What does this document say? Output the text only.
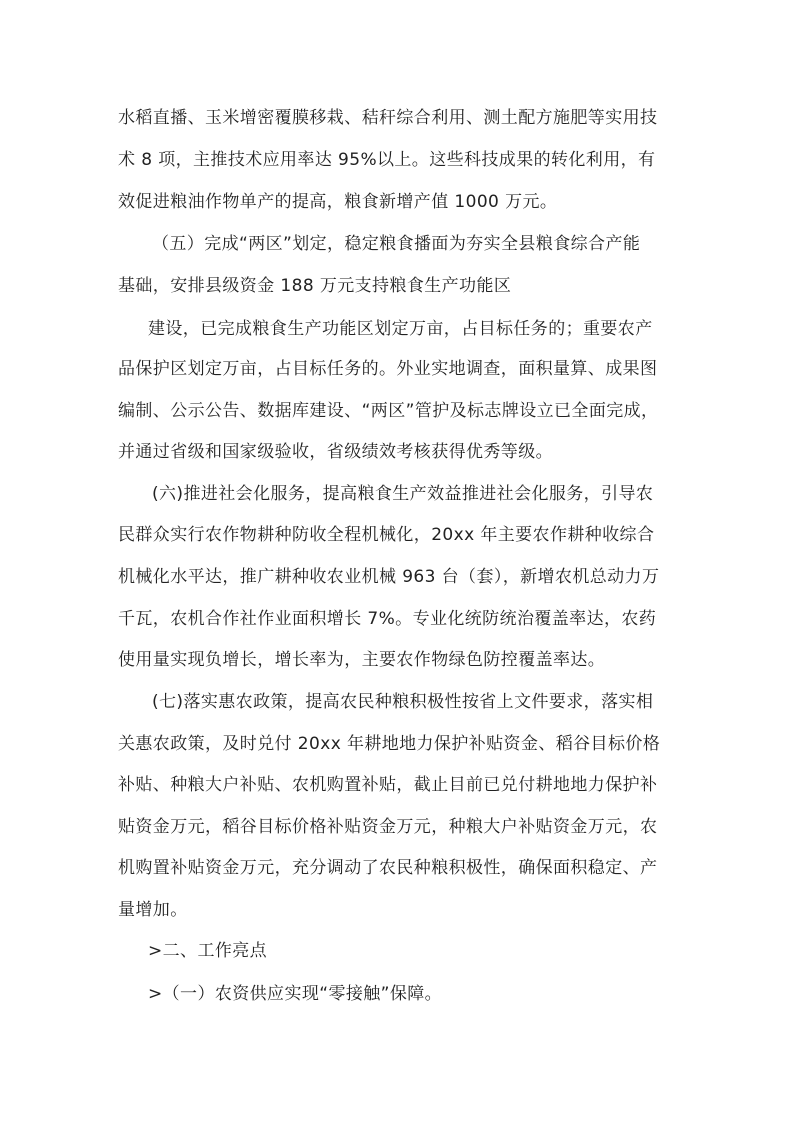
水稻直播、玉米增密覆膜移栽、秸秆综合利用、测土配方施肥等实用技
术 8 项，主推技术应用率达 95%以上。这些科技成果的转化利用，有
效促进粮油作物单产的提高，粮食新增产值 1000 万元。
（五）完成“两区”划定，稳定粮食播面为夯实全县粮食综合产能
基础，安排县级资金 188 万元支持粮食生产功能区
建设，已完成粮食生产功能区划定万亩，占目标任务的；重要农产
品保护区划定万亩，占目标任务的。外业实地调查，面积量算、成果图
编制、公示公告、数据库建设、“两区”管护及标志牌设立已全面完成，
并通过省级和国家级验收，省级绩效考核获得优秀等级。
(六)推进社会化服务，提高粮食生产效益推进社会化服务，引导农
民群众实行农作物耕种防收全程机械化，20xx 年主要农作耕种收综合
机械化水平达，推广耕种收农业机械 963 台（套），新增农机总动力万
千瓦，农机合作社作业面积增长 7%。专业化统防统治覆盖率达，农药
使用量实现负增长，增长率为，主要农作物绿色防控覆盖率达。
(七)落实惠农政策，提高农民种粮积极性按省上文件要求，落实相
关惠农政策，及时兑付 20xx 年耕地地力保护补贴资金、稻谷目标价格
补贴、种粮大户补贴、农机购置补贴，截止目前已兑付耕地地力保护补
贴资金万元，稻谷目标价格补贴资金万元，种粮大户补贴资金万元，农
机购置补贴资金万元，充分调动了农民种粮积极性，确保面积稳定、产
量增加。
>二、工作亮点
>（一）农资供应实现“零接触”保障。
